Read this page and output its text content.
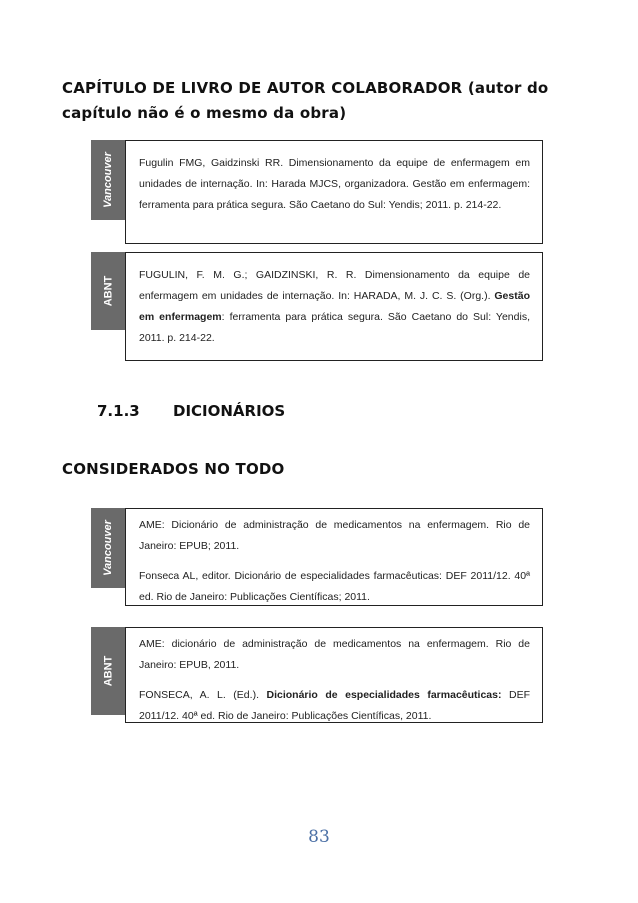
CAPÍTULO DE LIVRO DE AUTOR COLABORADOR (autor do capítulo não é o mesmo da obra)
Vancouver Fugulin FMG, Gaidzinski RR. Dimensionamento da equipe de enfermagem em unidades de internação. In: Harada MJCS, organizadora. Gestão em enfermagem: ferramenta para prática segura. São Caetano do Sul: Yendis; 2011. p. 214-22.

ABNT

FUGULIN, F. M. G.; GAIDZINSKI, R. R. Dimensionamento da equipe de enfermagem em unidades de internação. In: HARADA, M. J. C. S. (Org.). Gestão em enfermagem: ferramenta para prática segura. São Caetano do Sul: Yendis, 2011. p. 214-22.

7.1.3 DICIONÁRIOS
CONSIDERADOS NO TODO
Vancouver AME: Dicionário de administração de medicamentos na enfermagem. Rio de Janeiro: EPUB; 2011.

Fonseca AL, editor. Dicionário de especialidades farmacêuticas: DEF 2011/12. 40ª ed. Rio de Janeiro: Publicações Científicas; 2011.

ABNT

AME: dicionário de administração de medicamentos na enfermagem. Rio de Janeiro: EPUB, 2011.

FONSECA, A. L. (Ed.). Dicionário de especialidades farmacêuticas: DEF 2011/12. 40ª ed. Rio de Janeiro: Publicações Científicas, 2011.

83
